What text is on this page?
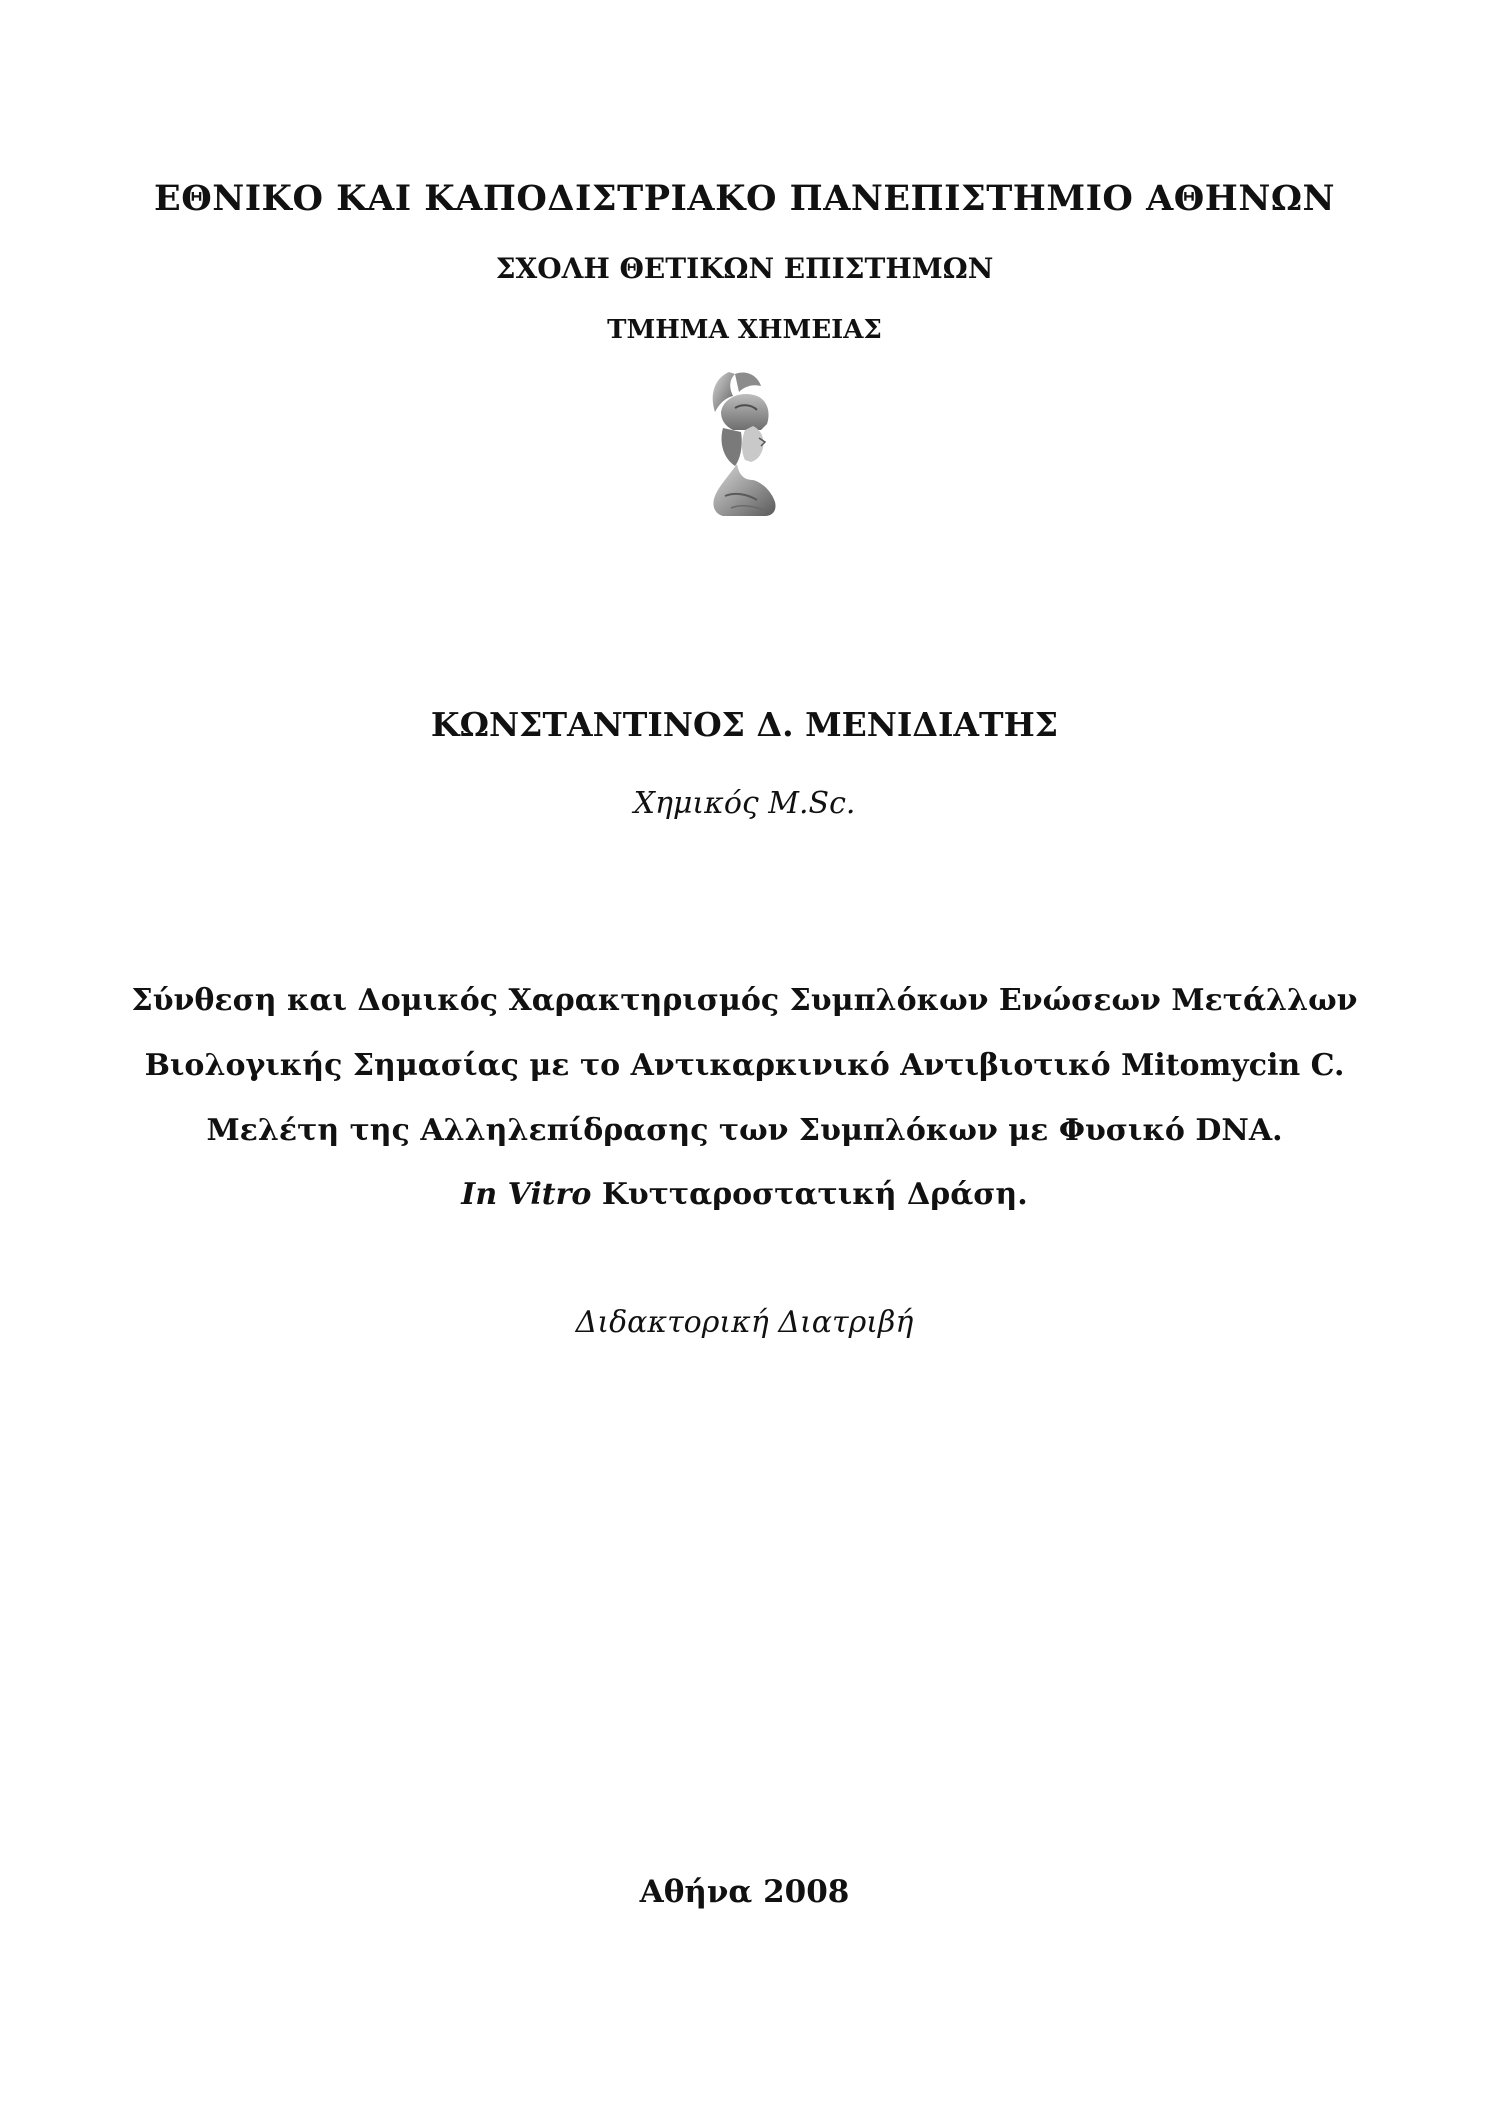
ΕΘΝΙΚΟ ΚΑΙ ΚΑΠΟΔΙΣΤΡΙΑΚΟ ΠΑΝΕΠΙΣΤΗΜΙΟ ΑΘΗΝΩΝ
ΣΧΟΛΗ ΘΕΤΙΚΩΝ ΕΠΙΣΤΗΜΩΝ
ΤΜΗΜΑ ΧΗΜΕΙΑΣ
ΚΩΝΣΤΑΝΤΙΝΟΣ Δ. ΜΕΝΙΔΙΑΤΗΣ
Χημικός M.Sc.
Σύνθεση και Δομικός Χαρακτηρισμός Συμπλόκων Ενώσεων Μετάλλων
Βιολογικής Σημασίας με το Αντικαρκινικό Αντιβιοτικό Mitomycin C.
Μελέτη της Αλληλεπίδρασης των Συμπλόκων με Φυσικό DNA.
In Vitro Κυτταροστατική Δράση.
Διδακτορική Διατριβή
Αθήνα 2008
